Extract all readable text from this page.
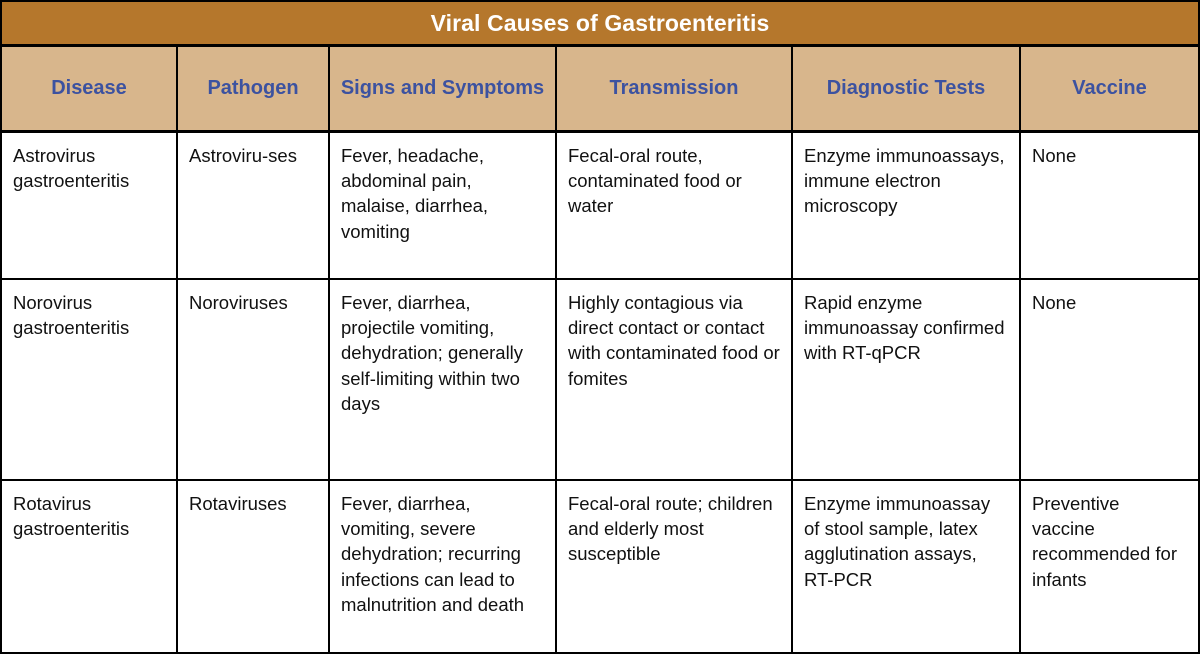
Viral Causes of Gastroenteritis
Disease	Pathogen	Signs and Symptoms	Transmission	Diagnostic Tests	Vaccine

Astrovirus gastroenteritis	Astroviru-ses	Fever, headache, abdominal pain, malaise, diarrhea, vomiting	Fecal-oral route, contaminated food or water	Enzyme immunoassays, immune electron microscopy	None

Norovirus gastroenteritis	Noroviruses	Fever, diarrhea, projectile vomiting, dehydration; generally self-limiting within two days	Highly contagious via direct contact or contact with contaminated food or fomites	Rapid enzyme immunoassay confirmed with RT-qPCR	None

Rotavirus gastroenteritis	Rotaviruses	Fever, diarrhea, vomiting, severe dehydration; recurring infections can lead to malnutrition and death	Fecal-oral route; children and elderly most susceptible	Enzyme immunoassay of stool sample, latex agglutination assays, RT-PCR	Preventive vaccine recommended for infants
